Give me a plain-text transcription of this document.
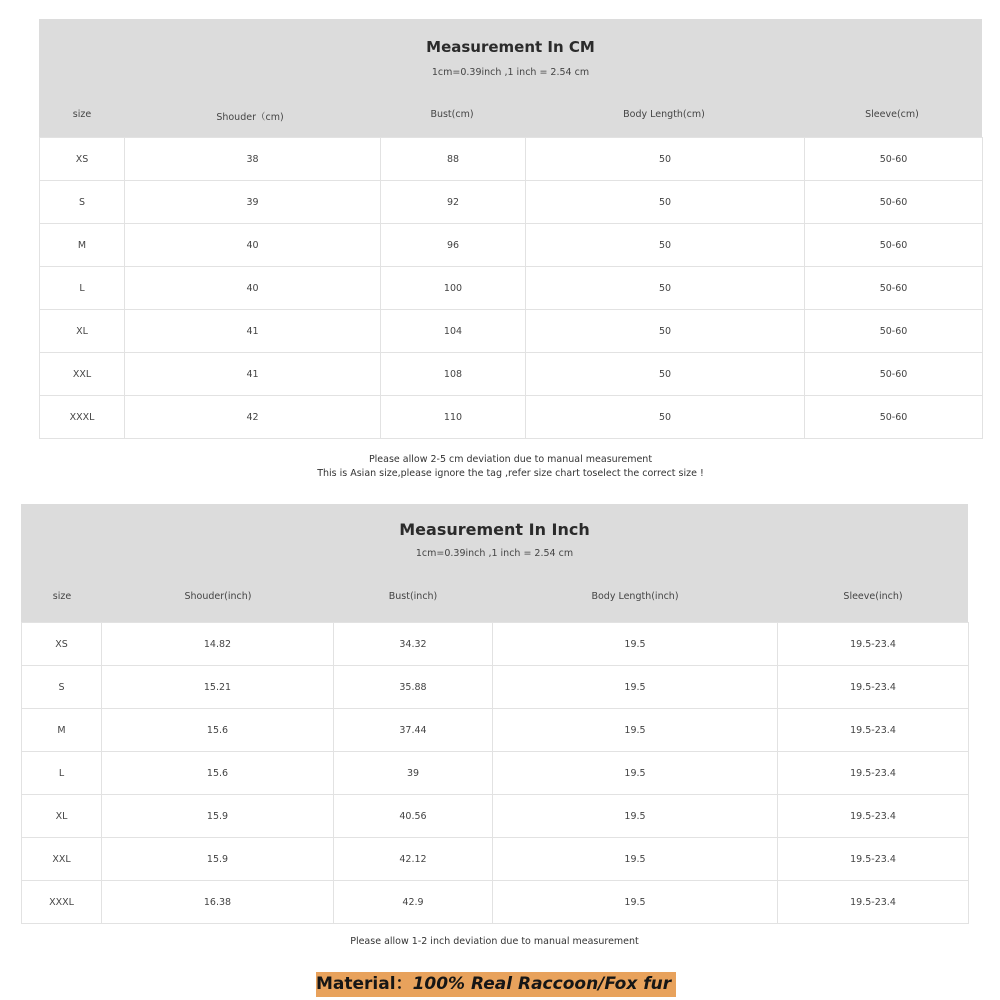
Measurement In CM
1cm=0.39inch ,1 inch = 2.54 cm
size	Shouder（cm)	Bust(cm)	Body Length(cm)	Sleeve(cm)
XS	38	88	50	50-60
S	39	92	50	50-60
M	40	96	50	50-60
L	40	100	50	50-60
XL	41	104	50	50-60
XXL	41	108	50	50-60
XXXL	42	110	50	50-60
Please allow 2-5 cm deviation due to manual measurement
This is Asian size,please ignore the tag ,refer size chart toselect the correct size !
Measurement In Inch
1cm=0.39inch ,1 inch = 2.54 cm
size	Shouder(inch)	Bust(inch)	Body Length(inch)	Sleeve(inch)
XS	14.82	34.32	19.5	19.5-23.4
S	15.21	35.88	19.5	19.5-23.4
M	15.6	37.44	19.5	19.5-23.4
L	15.6	39	19.5	19.5-23.4
XL	15.9	40.56	19.5	19.5-23.4
XXL	15.9	42.12	19.5	19.5-23.4
XXXL	16.38	42.9	19.5	19.5-23.4
Please allow 1-2 inch deviation due to manual measurement
Material：100% Real Raccoon/Fox fur
